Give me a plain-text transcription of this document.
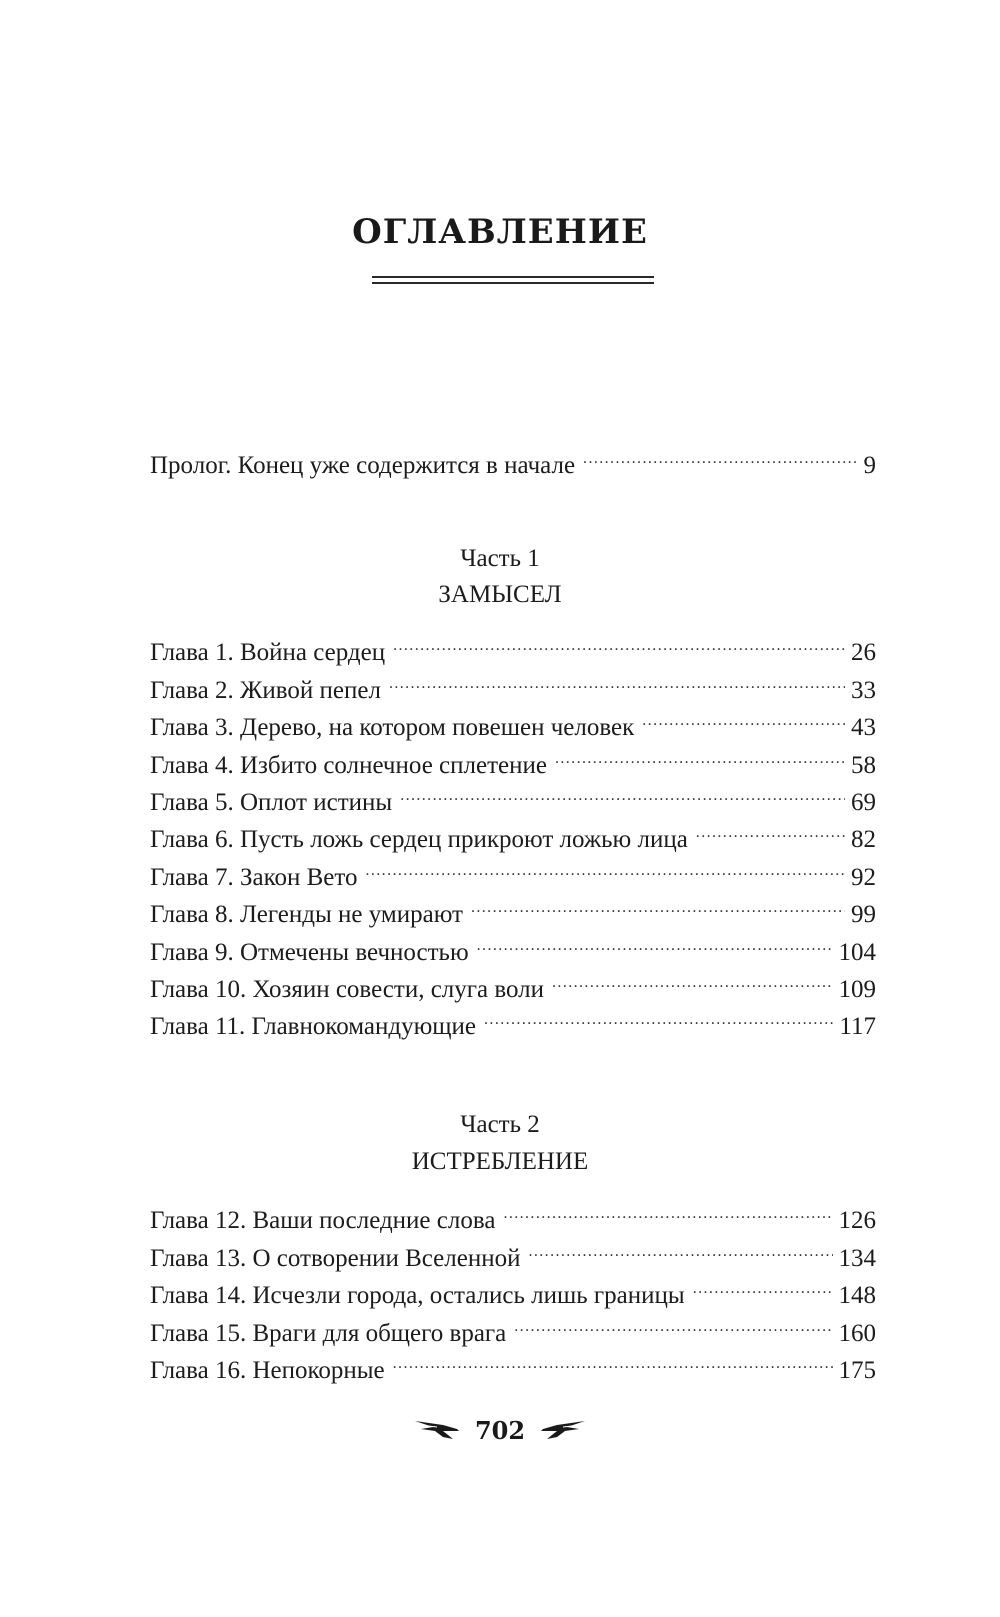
ОГЛАВЛЕНИЕ
Пролог. Конец уже содержится в начале .....	9
Часть 1
ЗАМЫСЕЛ
Глава 1. Война сердец .....	26
Глава 2. Живой пепел .....	33
Глава 3. Дерево, на котором повешен человек .....	43
Глава 4. Избито солнечное сплетение .....	58
Глава 5. Оплот истины .....	69
Глава 6. Пусть ложь сердец прикроют ложью лица .....	82
Глава 7. Закон Вето .....	92
Глава 8. Легенды не умирают .....	99
Глава 9. Отмечены вечностью .....	104
Глава 10. Хозяин совести, слуга воли .....	109
Глава 11. Главнокомандующие .....	117
Часть 2
ИСТРЕБЛЕНИЕ
Глава 12. Ваши последние слова .....	126
Глава 13. О сотворении Вселенной .....	134
Глава 14. Исчезли города, остались лишь границы .....	148
Глава 15. Враги для общего врага .....	160
Глава 16. Непокорные .....	175
702
